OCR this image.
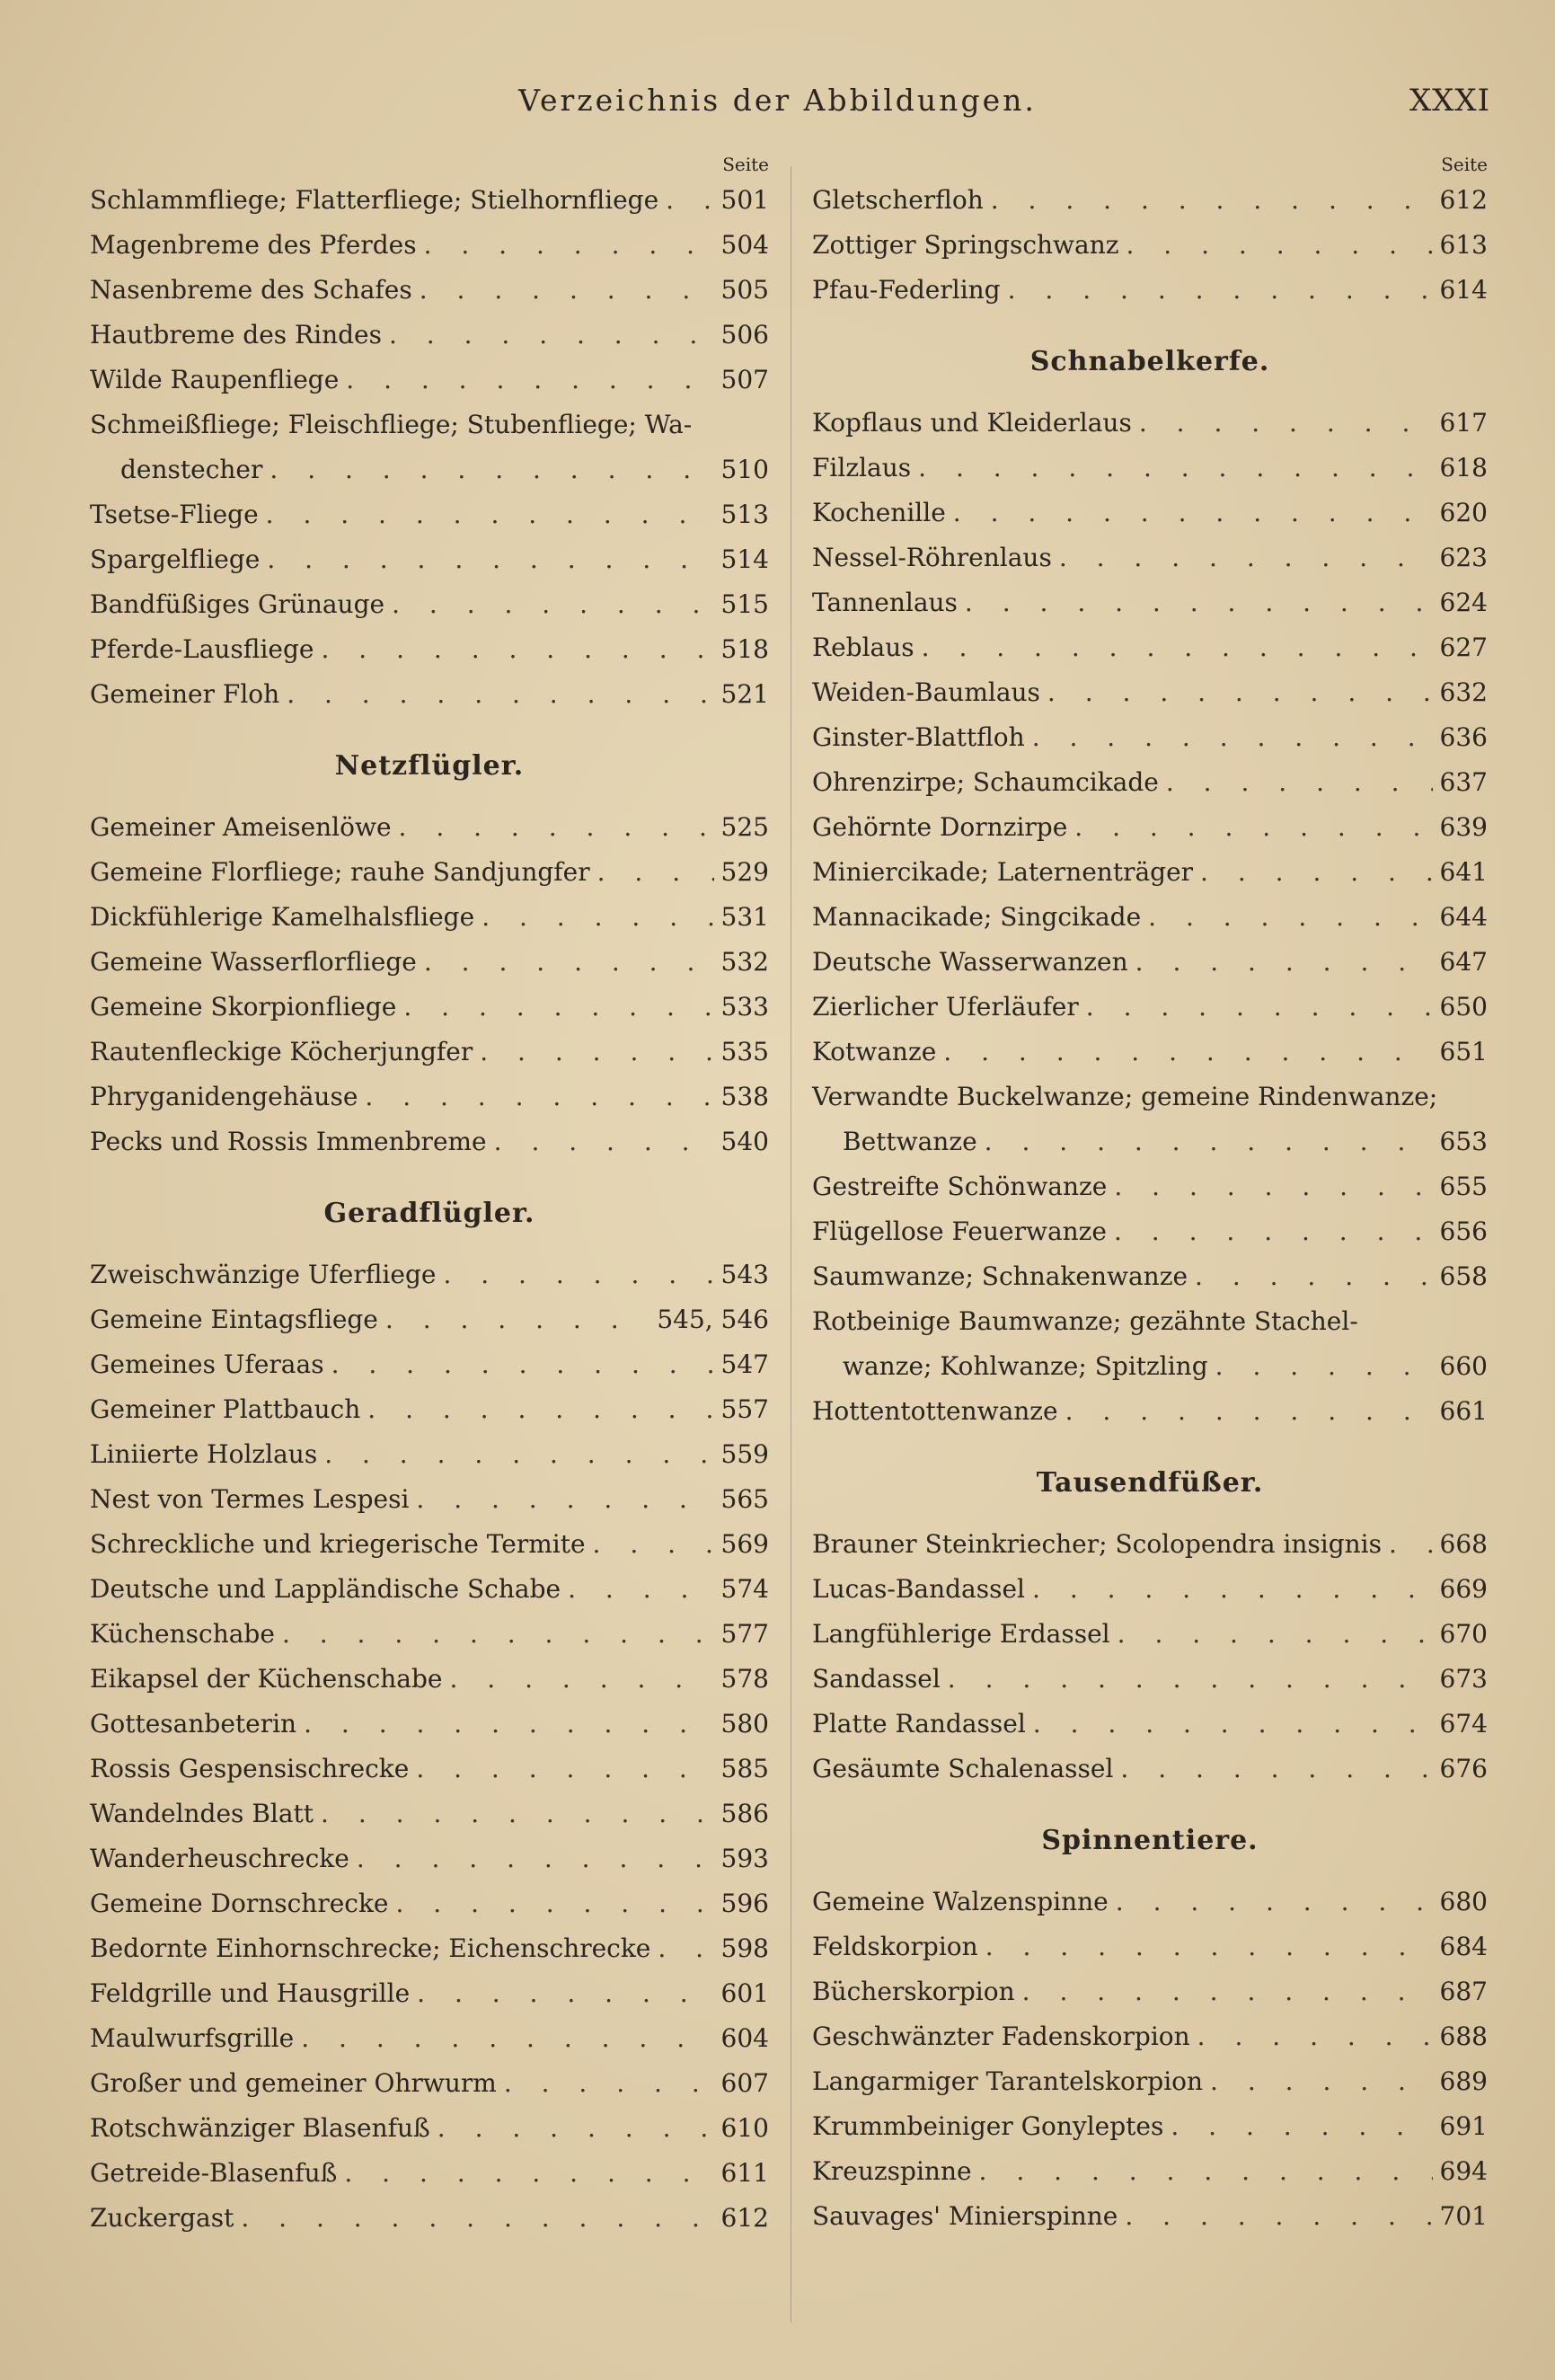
Verzeichnis der Abbildungen.	XXXI
Seite
Schlammfliege; Flatterfliege; Stielhornfliege . . . 501
Magenbreme des Pferdes . . .	504
Nasenbreme des Schafes . . .	505
Hautbreme des Rindes . . .	506
Wilde Raupenfliege . . .	507
Schmeißfliege; Fleischfliege; Stubenfliege; Wa-
denstecher . . .	510
Tsetse-Fliege . . .	513
Spargelfliege . . .	514
Bandfüßiges Grünauge . . .	515
Pferde-Lausfliege . . .	518
Gemeiner Floh . . .	521
Netzflügler.
Gemeiner Ameisenlöwe . . .	525
Gemeine Florfliege; rauhe Sandjungfer . . .	529
Dickfühlerige Kamelhalsfliege . . .	531
Gemeine Wasserflorfliege . . .	532
Gemeine Skorpionfliege . . .	533
Rautenfleckige Köcherjungfer . . .	535
Phryganidengehäuse . . .	538
Pecks und Rossis Immenbreme . . .	540
Geradflügler.
Zweischwänzige Uferfliege . . .	543
Gemeine Eintagsfliege . . .	545, 546
Gemeines Uferaas . . .	547
Gemeiner Plattbauch . . .	557
Liniierte Holzlaus . . .	559
Nest von Termes Lespesi . . .	565
Schreckliche und kriegerische Termite . . .	569
Deutsche und Lappländische Schabe . . .	574
Küchenschabe . . .	577
Eikapsel der Küchenschabe . . .	578
Gottesanbeterin . . .	580
Rossis Gespensischrecke . . .	585
Wandelndes Blatt . . .	586
Wanderheuschrecke . . .	593
Gemeine Dornschrecke . . .	596
Bedornte Einhornschrecke; Eichenschrecke . . .	598
Feldgrille und Hausgrille . . .	601
Maulwurfsgrille . . .	604
Großer und gemeiner Ohrwurm . . .	607
Rotschwänziger Blasenfuß . . .	610
Getreide-Blasenfuß . . .	611
Zuckergast . . .	612
Seite
Gletscherfloh . . .	612
Zottiger Springschwanz . . .	613
Pfau-Federling . . .	614
Schnabelkerfe.
Kopflaus und Kleiderlaus . . .	617
Filzlaus . . .	618
Kochenille . . .	620
Nessel-Röhrenlaus . . .	623
Tannenlaus . . .	624
Reblaus . . .	627
Weiden-Baumlaus . . .	632
Ginster-Blattfloh . . .	636
Ohrenzirpe; Schaumcikade . . .	637
Gehörnte Dornzirpe . . .	639
Miniercikade; Laternenträger . . .	641
Mannacikade; Singcikade . . .	644
Deutsche Wasserwanzen . . .	647
Zierlicher Uferläufer . . .	650
Kotwanze . . .	651
Verwandte Buckelwanze; gemeine Rindenwanze;
Bettwanze . . .	653
Gestreifte Schönwanze . . .	655
Flügellose Feuerwanze . . .	656
Saumwanze; Schnakenwanze . . .	658
Rotbeinige Baumwanze; gezähnte Stachel-
wanze; Kohlwanze; Spitzling . . .	660
Hottentottenwanze . . .	661
Tausendfüßer.
Brauner Steinkriecher; Scolopendra insignis . . . 668
Lucas-Bandassel . . .	669
Langfühlerige Erdassel . . .	670
Sandassel . . .	673
Platte Randassel . . .	674
Gesäumte Schalenassel . . .	676
Spinnentiere.
Gemeine Walzenspinne . . .	680
Feldskorpion . . .	684
Bücherskorpion . . .	687
Geschwänzter Fadenskorpion . . .	688
Langarmiger Tarantelskorpion . . .	689
Krummbeiniger Gonyleptes . . .	691
Kreuzspinne . . .	694
Sauvages' Minierspinne . . .	701
